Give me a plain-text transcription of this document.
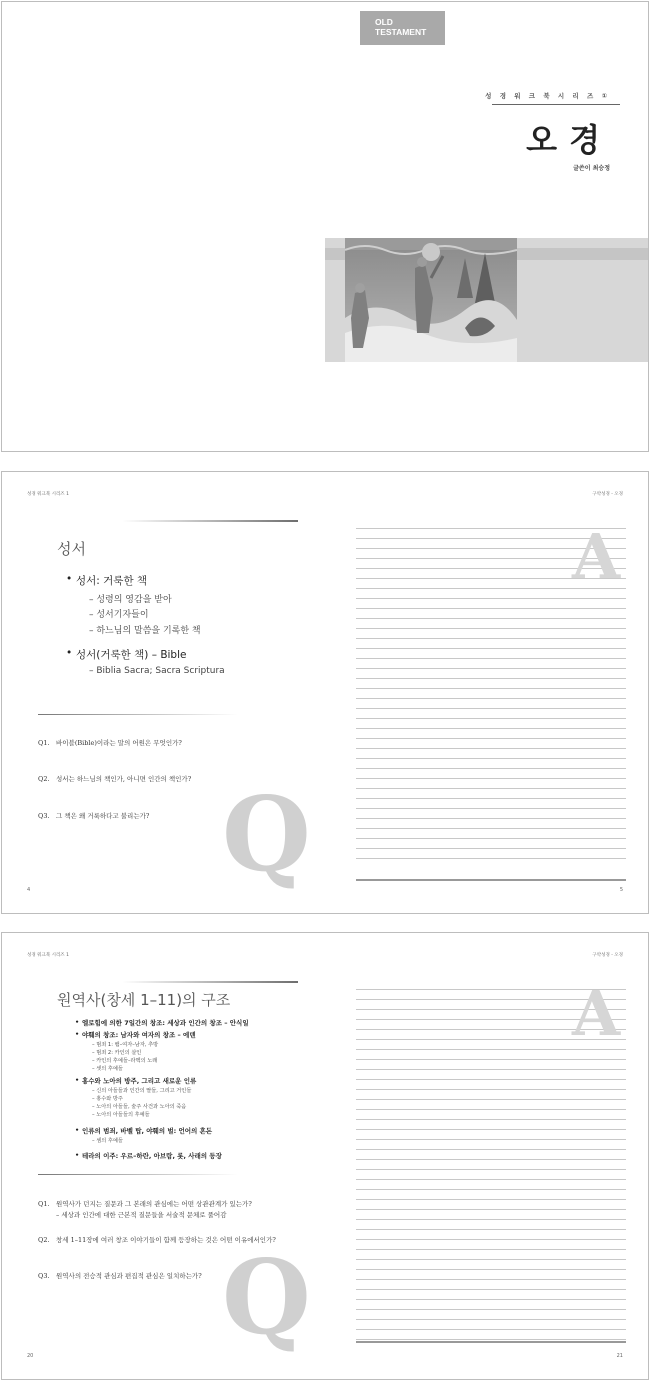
OLD
TESTAMENT
성 경 워 크 북 시 리 즈 ①
오경
글쓴이 최승정
성경 워크북 시리즈 1	구약성경 - 오경
성서
• 성서: 거룩한 책
– 성령의 영감을 받아
– 성서기자들이
– 하느님의 말씀을 기록한 책
• 성서(거룩한 책) – Bible
– Biblia Sacra; Sacra Scriptura
Q1. 바이블(Bible)이라는 말의 어원은 무엇인가?
Q2. 성서는 하느님의 책인가, 아니면 인간의 책인가?
Q3. 그 책은 왜 거룩하다고 불리는가? Q
A
4	5
성경 워크북 시리즈 1	구약성경 - 오경
원역사(창세 1–11)의 구조
• 엘로힘에 의한 7일간의 창조: 세상과 인간의 창조 – 안식일
• 야훼의 창조: 남자와 여자의 창조 – 에덴
– 범죄 1: 뱀–여자–남자, 추방
– 범죄 2: 카인의 살인
– 카인의 후예들–라멕의 노래
– 셋의 후예들
• 홍수와 노아의 방주, 그리고 새로운 인류
– 신의 아들들과 인간의 딸들, 그리고 거인들
– 홍수와 방주
– 노아의 아들들, 술주 사건과 노아의 죽음
– 노아의 아들들의 후예들
• 인류의 범죄, 바벨 탑, 야훼의 벌: 언어의 혼돈
– 셈의 후예들
• 테라의 이주: 우르–하란, 아브람, 롯, 사래의 등장
Q1. 원역사가 던지는 질문과 그 본래의 관심에는 어떤 상관관계가 있는가?
– 세상과 인간에 대한 근본적 질문들을 서술적 문체로 풀어감
Q2. 창세 1–11장에 여러 창조 이야기들이 함께 등장하는 것은 어떤 이유에서인가?
Q3. 원역사의 전승적 관심과 편집적 관심은 일치하는가? Q
A
20	21
